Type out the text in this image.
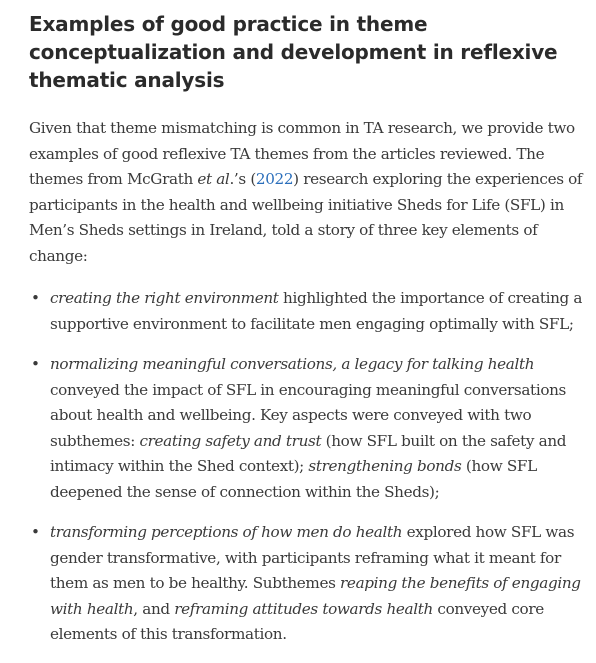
Examples of good practice in theme conceptualization and development in reflexive thematic analysis

Given that theme mismatching is common in TA research, we provide two examples of good reflexive TA themes from the articles reviewed. The themes from McGrath et al.’s (2022) research exploring the experiences of participants in the health and wellbeing initiative Sheds for Life (SFL) in Men’s Sheds settings in Ireland, told a story of three key elements of change:

• creating the right environment highlighted the importance of creating a supportive environment to facilitate men engaging optimally with SFL;
• normalizing meaningful conversations, a legacy for talking health conveyed the impact of SFL in encouraging meaningful conversations about health and wellbeing. Key aspects were conveyed with two subthemes: creating safety and trust (how SFL built on the safety and intimacy within the Shed context); strengthening bonds (how SFL deepened the sense of connection within the Sheds);
• transforming perceptions of how men do health explored how SFL was gender transformative, with participants reframing what it meant for them as men to be healthy. Subthemes reaping the benefits of engaging with health, and reframing attitudes towards health conveyed core elements of this transformation.
